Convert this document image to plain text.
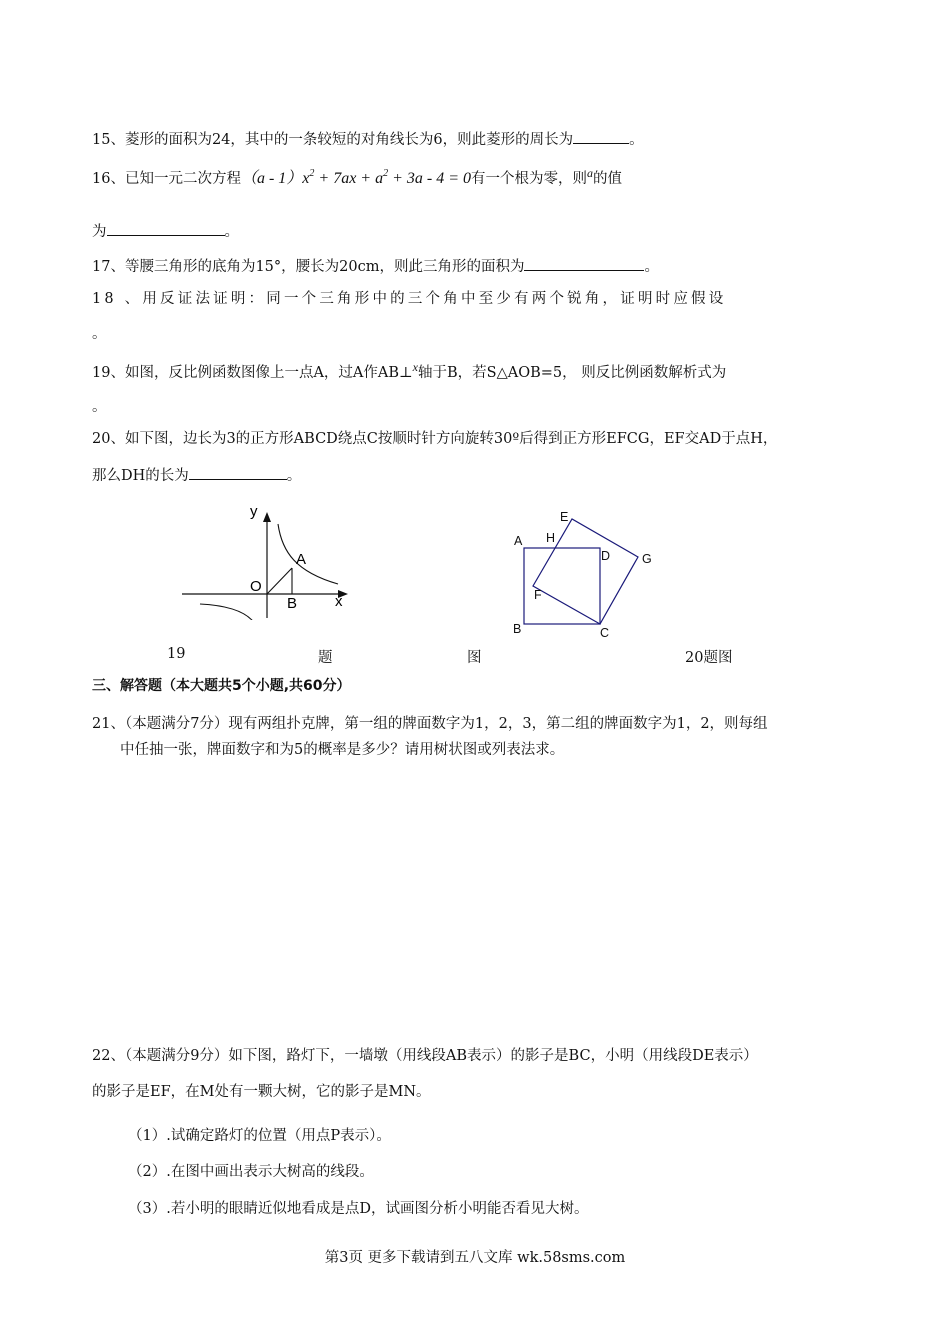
15、菱形的面积为24，其中的一条较短的对角线长为6，则此菱形的周长为	。
16、已知一元二次方程$(a - 1)x^2 + 7ax + a^2 + 3a - 4 = 0$有一个根为零，则$^a$的值
为	。
17、等腰三角形的底角为15°，腰长为20cm，则此三角形的面积为	。
18 、用反证法证明：同一个三角形中的三个角中至少有两个锐角，证明时应假设
。
19、如图，反比例函数图像上一点A，过A作AB⊥$^x$轴于B，若S△AOB=5， 则反比例函数解析式为
。
20、如下图，边长为3的正方形ABCD绕点C按顺时针方向旋转30º后得到正方形EFCG，EF交AD于点H，
那么DH的长为	。
y
x
O
A
B
A H
E
D	G
F
B	C
19	题	图	20题图
三、解答题（本大题共5个小题,共60分）
21、（本题满分7分）现有两组扑克牌，第一组的牌面数字为1，2，3，第二组的牌面数字为1，2，则每组
中任抽一张，牌面数字和为5的概率是多少？请用树状图或列表法求。
22、（本题满分9分）如下图，路灯下，一墙墩（用线段AB表示）的影子是BC，小明（用线段DE表示）
的影子是EF，在M处有一颗大树，它的影子是MN。
（1）.试确定路灯的位置（用点P表示）。
（2）.在图中画出表示大树高的线段。
（3）.若小明的眼睛近似地看成是点D，试画图分析小明能否看见大树。
第3页 更多下载请到五八文库 wk.58sms.com
